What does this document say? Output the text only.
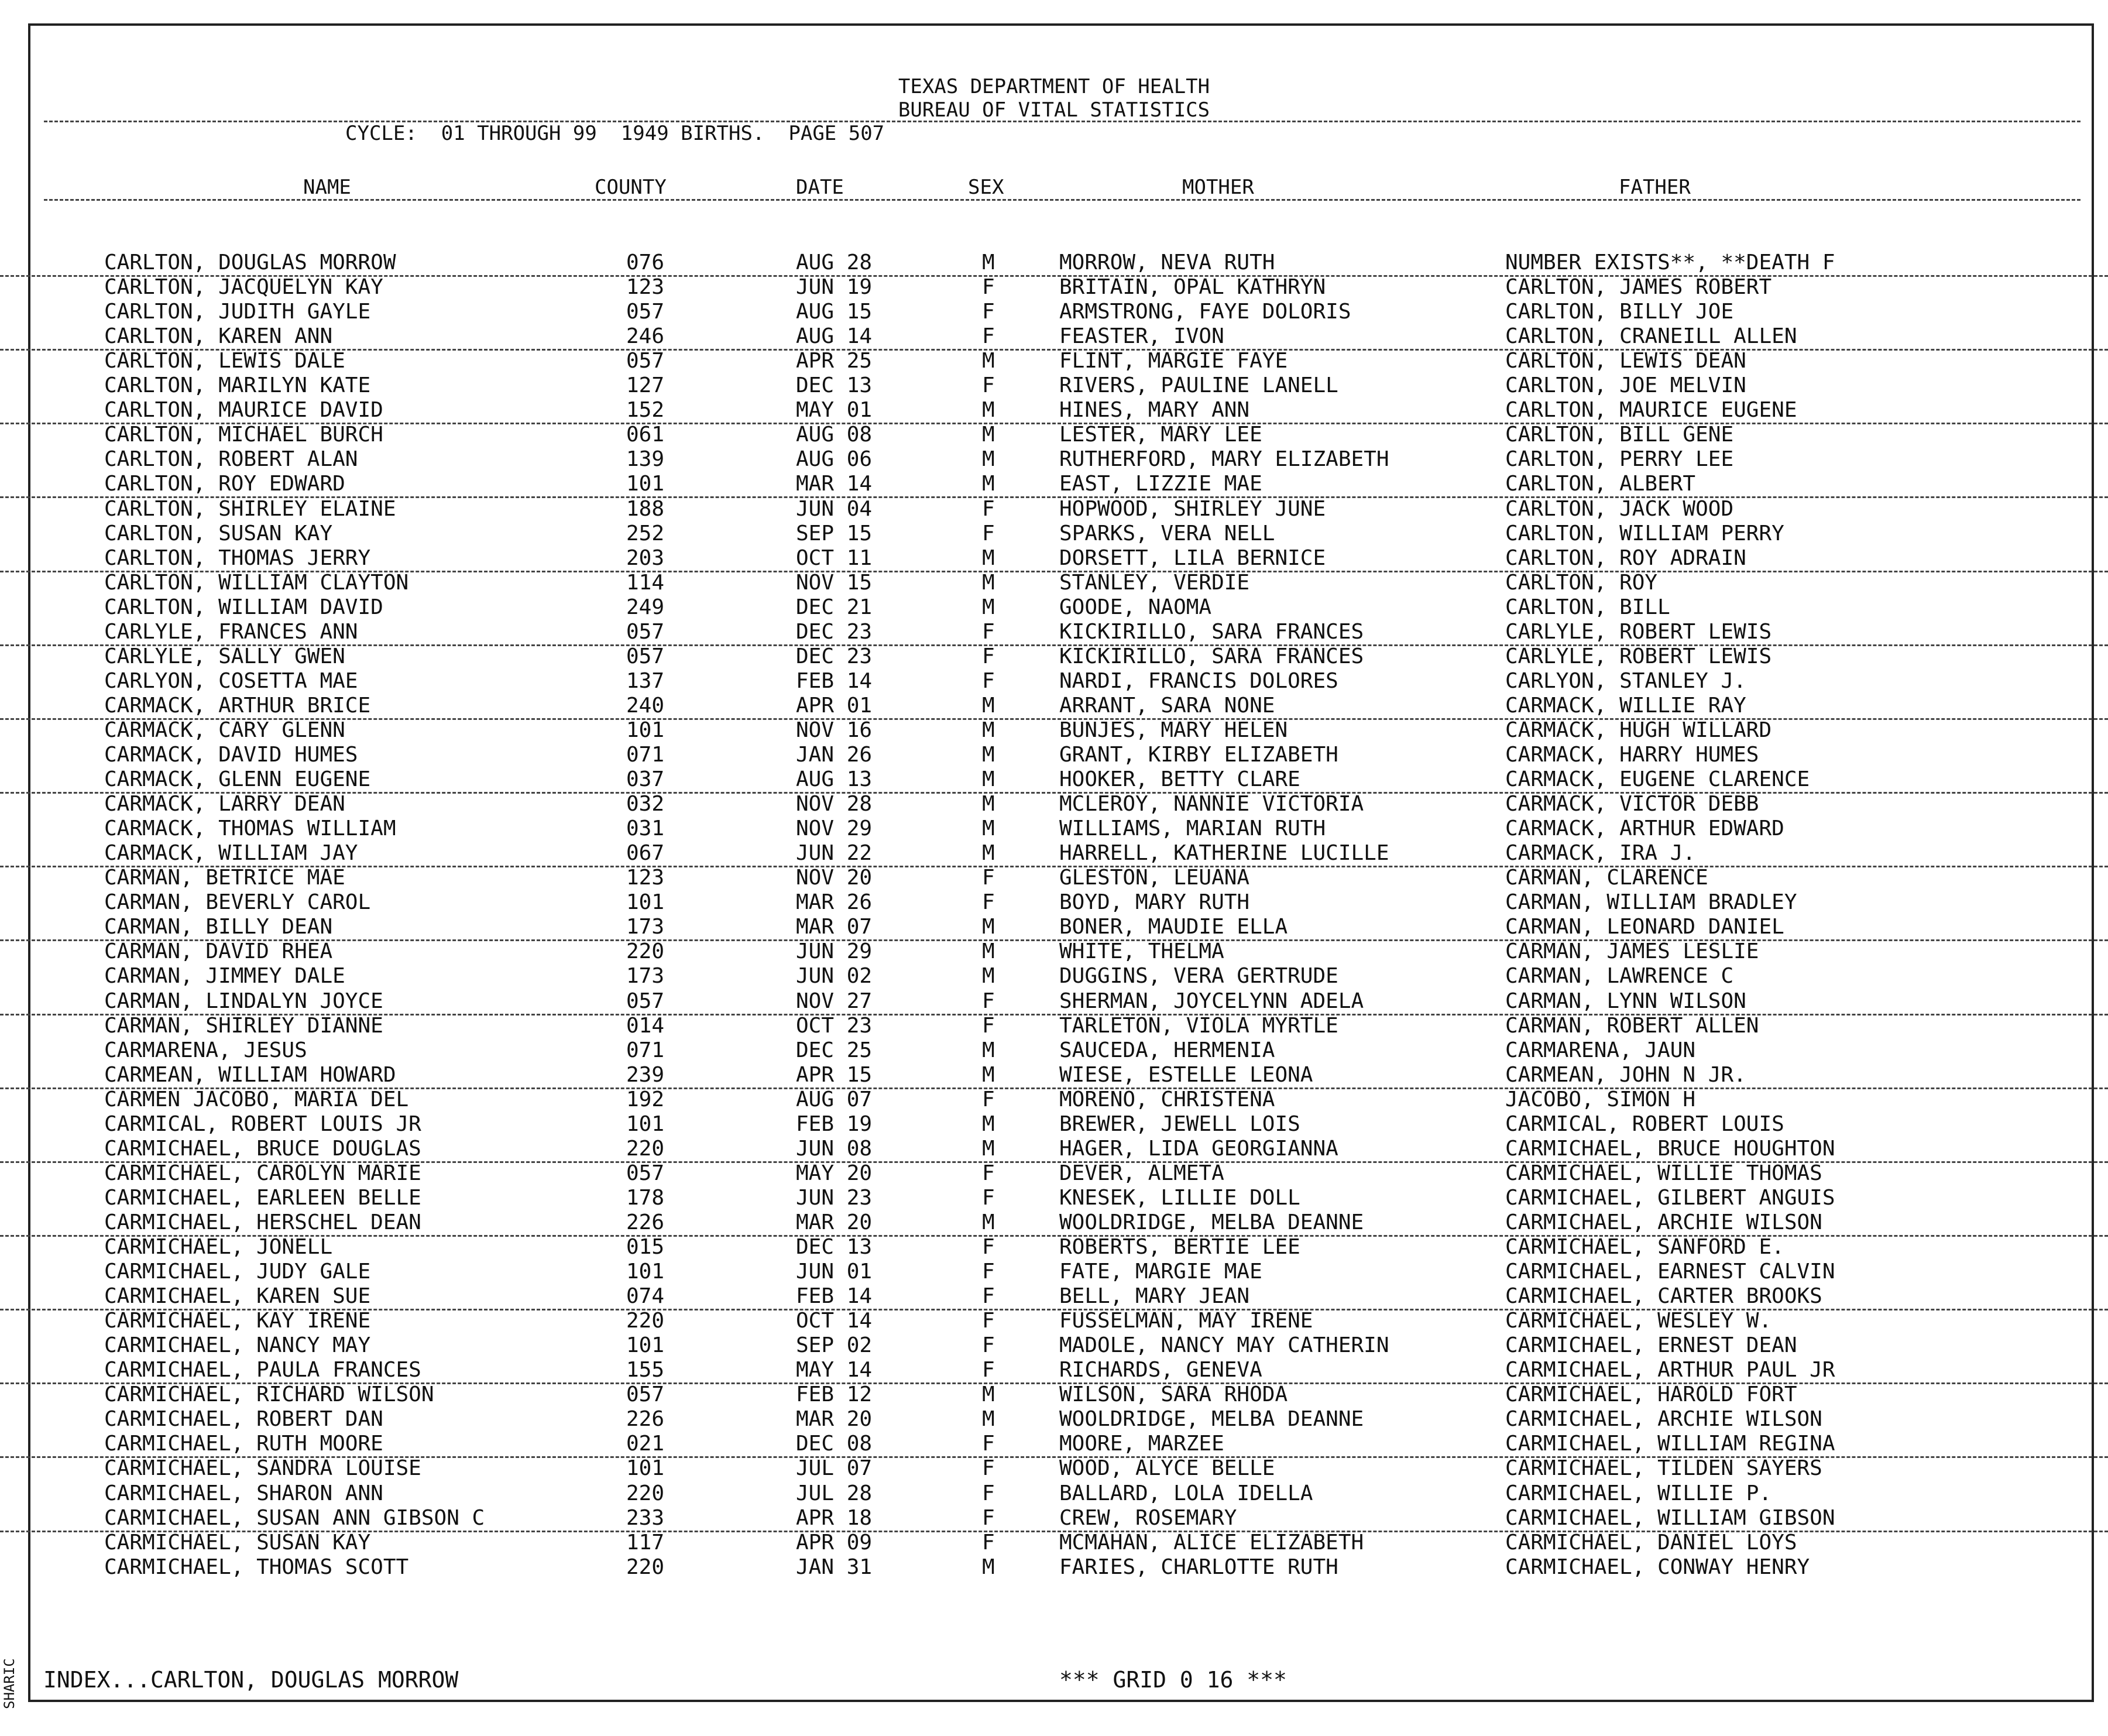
SHARIC
TEXAS DEPARTMENT OF HEALTH
BUREAU OF VITAL STATISTICS
CYCLE:  01 THROUGH 99  1949 BIRTHS.  PAGE 507
NAME	COUNTY	DATE	SEX	MOTHER	FATHER
CARLTON, DOUGLAS MORROW	076	AUG 28	M	MORROW, NEVA RUTH	NUMBER EXISTS**, **DEATH F
CARLTON, JACQUELYN KAY	123	JUN 19	F	BRITAIN, OPAL KATHRYN	CARLTON, JAMES ROBERT
CARLTON, JUDITH GAYLE	057	AUG 15	F	ARMSTRONG, FAYE DOLORIS	CARLTON, BILLY JOE
CARLTON, KAREN ANN	246	AUG 14	F	FEASTER, IVON	CARLTON, CRANEILL ALLEN
CARLTON, LEWIS DALE	057	APR 25	M	FLINT, MARGIE FAYE	CARLTON, LEWIS DEAN
CARLTON, MARILYN KATE	127	DEC 13	F	RIVERS, PAULINE LANELL	CARLTON, JOE MELVIN
CARLTON, MAURICE DAVID	152	MAY 01	M	HINES, MARY ANN	CARLTON, MAURICE EUGENE
CARLTON, MICHAEL BURCH	061	AUG 08	M	LESTER, MARY LEE	CARLTON, BILL GENE
CARLTON, ROBERT ALAN	139	AUG 06	M	RUTHERFORD, MARY ELIZABETH	CARLTON, PERRY LEE
CARLTON, ROY EDWARD	101	MAR 14	M	EAST, LIZZIE MAE	CARLTON, ALBERT
CARLTON, SHIRLEY ELAINE	188	JUN 04	F	HOPWOOD, SHIRLEY JUNE	CARLTON, JACK WOOD
CARLTON, SUSAN KAY	252	SEP 15	F	SPARKS, VERA NELL	CARLTON, WILLIAM PERRY
CARLTON, THOMAS JERRY	203	OCT 11	M	DORSETT, LILA BERNICE	CARLTON, ROY ADRAIN
CARLTON, WILLIAM CLAYTON	114	NOV 15	M	STANLEY, VERDIE	CARLTON, ROY
CARLTON, WILLIAM DAVID	249	DEC 21	M	GOODE, NAOMA	CARLTON, BILL
CARLYLE, FRANCES ANN	057	DEC 23	F	KICKIRILLO, SARA FRANCES	CARLYLE, ROBERT LEWIS
CARLYLE, SALLY GWEN	057	DEC 23	F	KICKIRILLO, SARA FRANCES	CARLYLE, ROBERT LEWIS
CARLYON, COSETTA MAE	137	FEB 14	F	NARDI, FRANCIS DOLORES	CARLYON, STANLEY J.
CARMACK, ARTHUR BRICE	240	APR 01	M	ARRANT, SARA NONE	CARMACK, WILLIE RAY
CARMACK, CARY GLENN	101	NOV 16	M	BUNJES, MARY HELEN	CARMACK, HUGH WILLARD
CARMACK, DAVID HUMES	071	JAN 26	M	GRANT, KIRBY ELIZABETH	CARMACK, HARRY HUMES
CARMACK, GLENN EUGENE	037	AUG 13	M	HOOKER, BETTY CLARE	CARMACK, EUGENE CLARENCE
CARMACK, LARRY DEAN	032	NOV 28	M	MCLEROY, NANNIE VICTORIA	CARMACK, VICTOR DEBB
CARMACK, THOMAS WILLIAM	031	NOV 29	M	WILLIAMS, MARIAN RUTH	CARMACK, ARTHUR EDWARD
CARMACK, WILLIAM JAY	067	JUN 22	M	HARRELL, KATHERINE LUCILLE	CARMACK, IRA J.
CARMAN, BETRICE MAE	123	NOV 20	F	GLESTON, LEUANA	CARMAN, CLARENCE
CARMAN, BEVERLY CAROL	101	MAR 26	F	BOYD, MARY RUTH	CARMAN, WILLIAM BRADLEY
CARMAN, BILLY DEAN	173	MAR 07	M	BONER, MAUDIE ELLA	CARMAN, LEONARD DANIEL
CARMAN, DAVID RHEA	220	JUN 29	M	WHITE, THELMA	CARMAN, JAMES LESLIE
CARMAN, JIMMEY DALE	173	JUN 02	M	DUGGINS, VERA GERTRUDE	CARMAN, LAWRENCE C
CARMAN, LINDALYN JOYCE	057	NOV 27	F	SHERMAN, JOYCELYNN ADELA	CARMAN, LYNN WILSON
CARMAN, SHIRLEY DIANNE	014	OCT 23	F	TARLETON, VIOLA MYRTLE	CARMAN, ROBERT ALLEN
CARMARENA, JESUS	071	DEC 25	M	SAUCEDA, HERMENIA	CARMARENA, JAUN
CARMEAN, WILLIAM HOWARD	239	APR 15	M	WIESE, ESTELLE LEONA	CARMEAN, JOHN N JR.
CARMEN JACOBO, MARIA DEL	192	AUG 07	F	MORENO, CHRISTENA	JACOBO, SIMON H
CARMICAL, ROBERT LOUIS JR	101	FEB 19	M	BREWER, JEWELL LOIS	CARMICAL, ROBERT LOUIS
CARMICHAEL, BRUCE DOUGLAS	220	JUN 08	M	HAGER, LIDA GEORGIANNA	CARMICHAEL, BRUCE HOUGHTON
CARMICHAEL, CAROLYN MARIE	057	MAY 20	F	DEVER, ALMETA	CARMICHAEL, WILLIE THOMAS
CARMICHAEL, EARLEEN BELLE	178	JUN 23	F	KNESEK, LILLIE DOLL	CARMICHAEL, GILBERT ANGUIS
CARMICHAEL, HERSCHEL DEAN	226	MAR 20	M	WOOLDRIDGE, MELBA DEANNE	CARMICHAEL, ARCHIE WILSON
CARMICHAEL, JONELL	015	DEC 13	F	ROBERTS, BERTIE LEE	CARMICHAEL, SANFORD E.
CARMICHAEL, JUDY GALE	101	JUN 01	F	FATE, MARGIE MAE	CARMICHAEL, EARNEST CALVIN
CARMICHAEL, KAREN SUE	074	FEB 14	F	BELL, MARY JEAN	CARMICHAEL, CARTER BROOKS
CARMICHAEL, KAY IRENE	220	OCT 14	F	FUSSELMAN, MAY IRENE	CARMICHAEL, WESLEY W.
CARMICHAEL, NANCY MAY	101	SEP 02	F	MADOLE, NANCY MAY CATHERIN	CARMICHAEL, ERNEST DEAN
CARMICHAEL, PAULA FRANCES	155	MAY 14	F	RICHARDS, GENEVA	CARMICHAEL, ARTHUR PAUL JR
CARMICHAEL, RICHARD WILSON	057	FEB 12	M	WILSON, SARA RHODA	CARMICHAEL, HAROLD FORT
CARMICHAEL, ROBERT DAN	226	MAR 20	M	WOOLDRIDGE, MELBA DEANNE	CARMICHAEL, ARCHIE WILSON
CARMICHAEL, RUTH MOORE	021	DEC 08	F	MOORE, MARZEE	CARMICHAEL, WILLIAM REGINA
CARMICHAEL, SANDRA LOUISE	101	JUL 07	F	WOOD, ALYCE BELLE	CARMICHAEL, TILDEN SAYERS
CARMICHAEL, SHARON ANN	220	JUL 28	F	BALLARD, LOLA IDELLA	CARMICHAEL, WILLIE P.
CARMICHAEL, SUSAN ANN GIBSON C	233	APR 18	F	CREW, ROSEMARY	CARMICHAEL, WILLIAM GIBSON
CARMICHAEL, SUSAN KAY	117	APR 09	F	MCMAHAN, ALICE ELIZABETH	CARMICHAEL, DANIEL LOYS
CARMICHAEL, THOMAS SCOTT	220	JAN 31	M	FARIES, CHARLOTTE RUTH	CARMICHAEL, CONWAY HENRY
INDEX...CARLTON, DOUGLAS MORROW	*** GRID 0 16 ***
